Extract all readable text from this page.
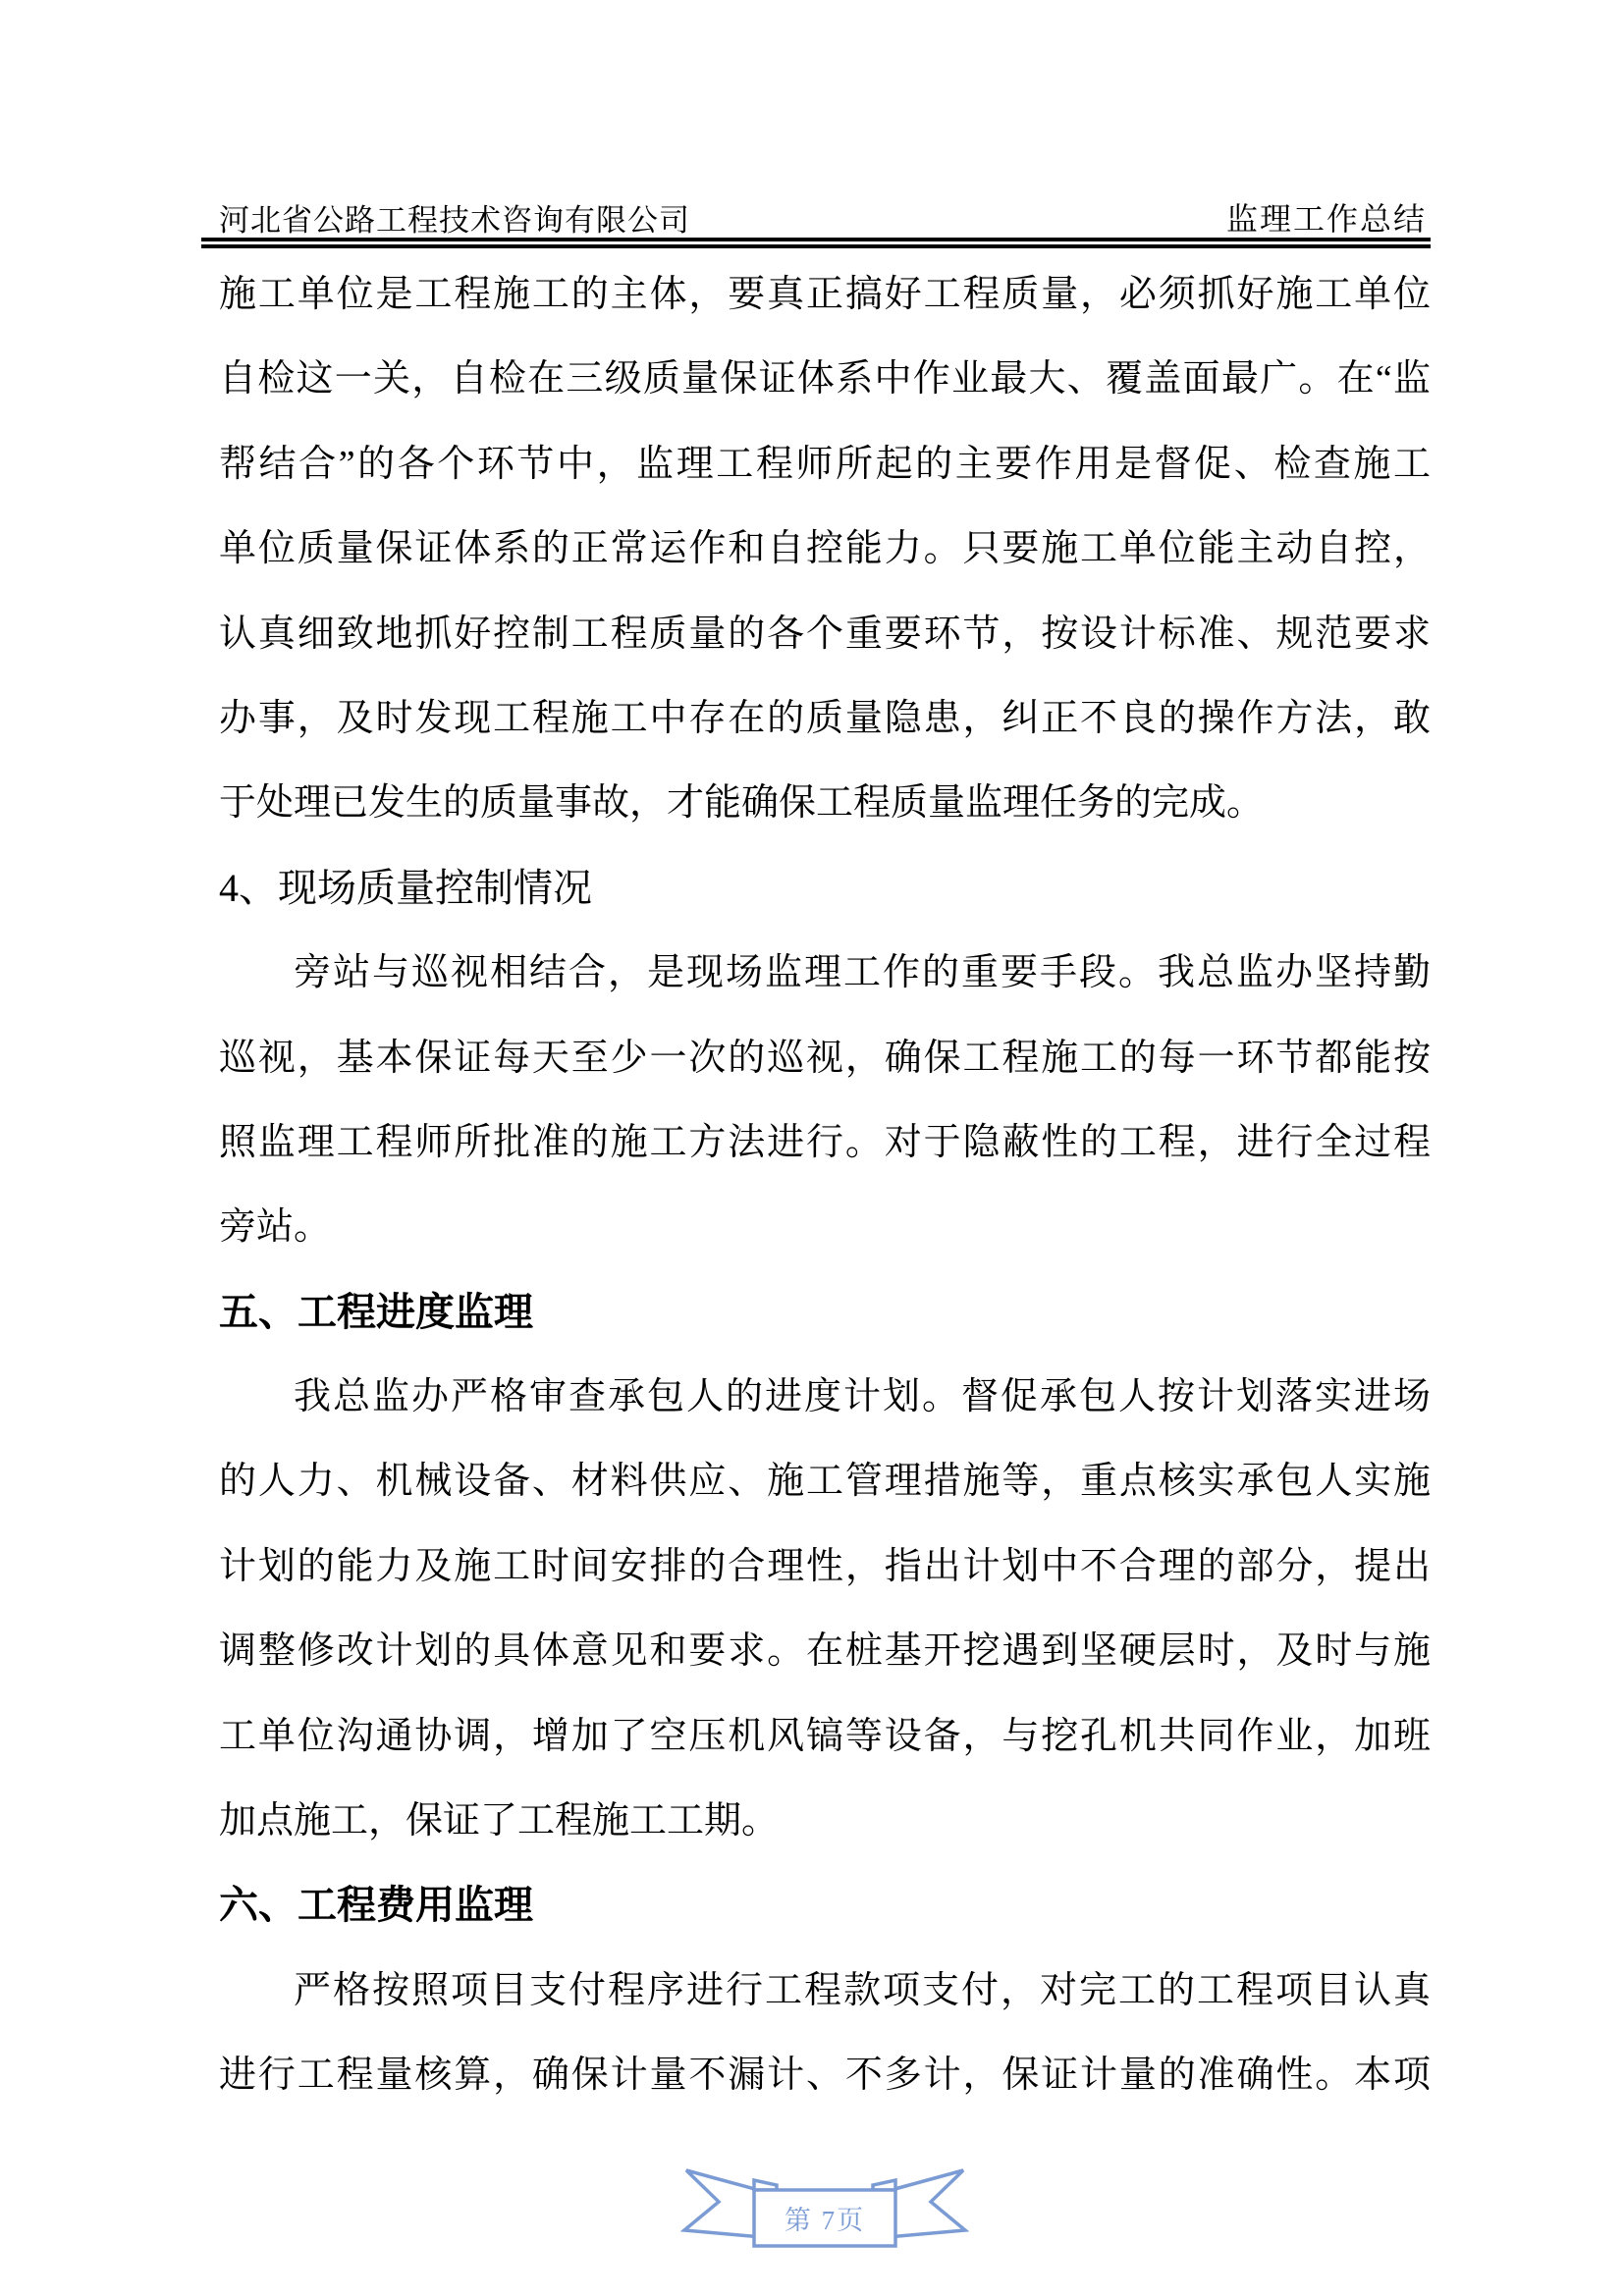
河北省公路工程技术咨询有限公司	监理工作总结
施工单位是工程施工的主体，要真正搞好工程质量，必须抓好施工单位
自检这一关，自检在三级质量保证体系中作业最大、覆盖面最广。在“监
帮结合”的各个环节中，监理工程师所起的主要作用是督促、检查施工
单位质量保证体系的正常运作和自控能力。只要施工单位能主动自控，
认真细致地抓好控制工程质量的各个重要环节，按设计标准、规范要求
办事，及时发现工程施工中存在的质量隐患，纠正不良的操作方法，敢
于处理已发生的质量事故，才能确保工程质量监理任务的完成。
4、现场质量控制情况
旁站与巡视相结合，是现场监理工作的重要手段。我总监办坚持勤
巡视，基本保证每天至少一次的巡视，确保工程施工的每一环节都能按
照监理工程师所批准的施工方法进行。对于隐蔽性的工程，进行全过程
旁站。
五、工程进度监理
我总监办严格审查承包人的进度计划。督促承包人按计划落实进场
的人力、机械设备、材料供应、施工管理措施等，重点核实承包人实施
计划的能力及施工时间安排的合理性，指出计划中不合理的部分，提出
调整修改计划的具体意见和要求。在桩基开挖遇到坚硬层时，及时与施
工单位沟通协调，增加了空压机风镐等设备，与挖孔机共同作业，加班
加点施工，保证了工程施工工期。
六、工程费用监理
严格按照项目支付程序进行工程款项支付，对完工的工程项目认真
进行工程量核算，确保计量不漏计、不多计，保证计量的准确性。本项
第 7页
